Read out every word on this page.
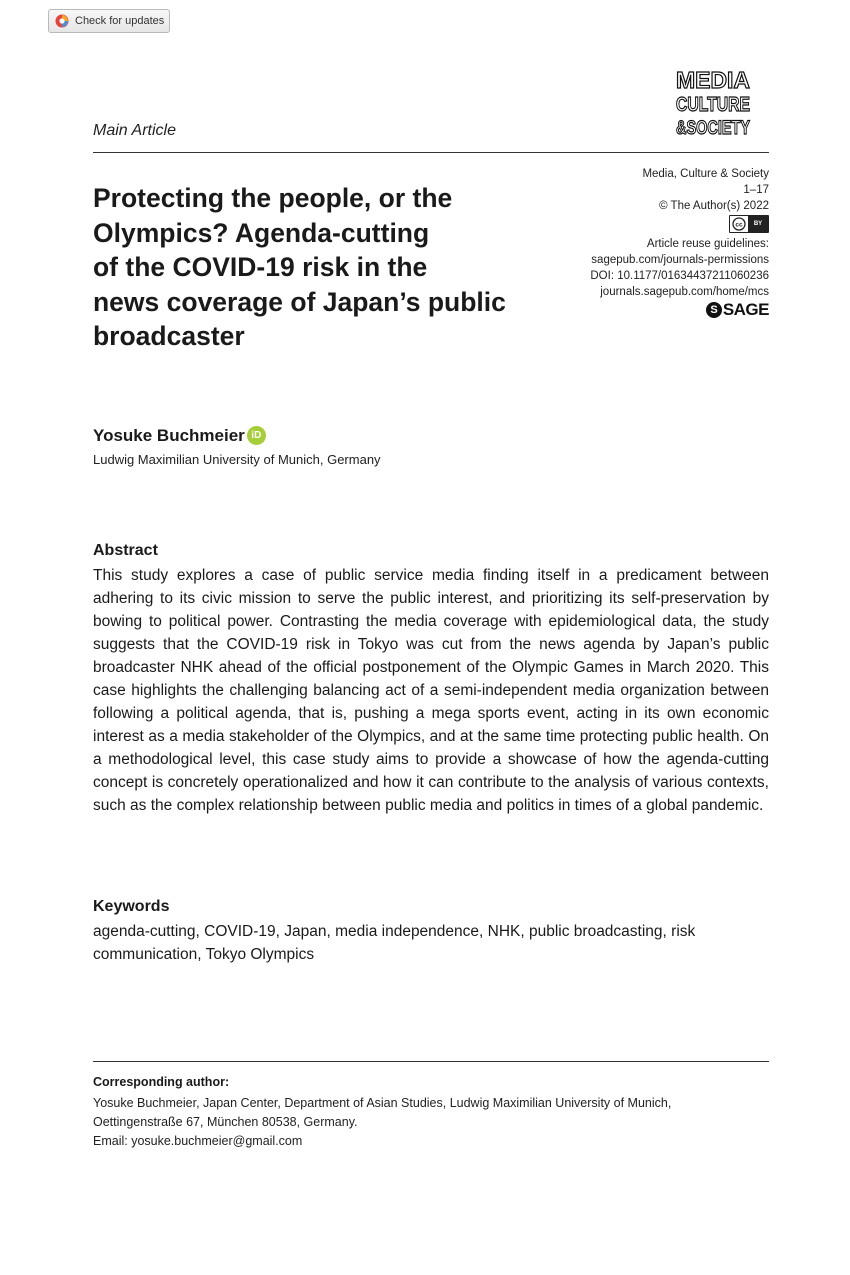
Check for updates
MEDIA
CULTURE
&SOCIETY
Main Article
Protecting the people, or the
Olympics? Agenda-cutting
of the COVID-19 risk in the
news coverage of Japan’s public
broadcaster
Media, Culture & Society
1–17
© The Author(s) 2022
cc	BY
Article reuse guidelines:
sagepub.com/journals-permissions
DOI: 10.1177/01634437211060236
journals.sagepub.com/home/mcs
S SAGE
Yosuke Buchmeier iD
Ludwig Maximilian University of Munich, Germany
Abstract
This study explores a case of public service media finding itself in a predicament between adhering to its civic mission to serve the public interest, and prioritizing its self-preservation by bowing to political power. Contrasting the media coverage with epidemiological data, the study suggests that the COVID-19 risk in Tokyo was cut from the news agenda by Japan’s public broadcaster NHK ahead of the official postponement of the Olympic Games in March 2020. This case highlights the challenging balancing act of a semi-independent media organization between following a political agenda, that is, pushing a mega sports event, acting in its own economic interest as a media stakeholder of the Olympics, and at the same time protecting public health. On a methodological level, this case study aims to provide a showcase of how the agenda-cutting concept is concretely operationalized and how it can contribute to the analysis of various contexts, such as the complex relationship between public media and politics in times of a global pandemic.
Keywords
agenda-cutting, COVID-19, Japan, media independence, NHK, public broadcasting, risk communication, Tokyo Olympics
Corresponding author:
Yosuke Buchmeier, Japan Center, Department of Asian Studies, Ludwig Maximilian University of Munich,
Oettingenstraße 67, München 80538, Germany.
Email: yosuke.buchmeier@gmail.com
